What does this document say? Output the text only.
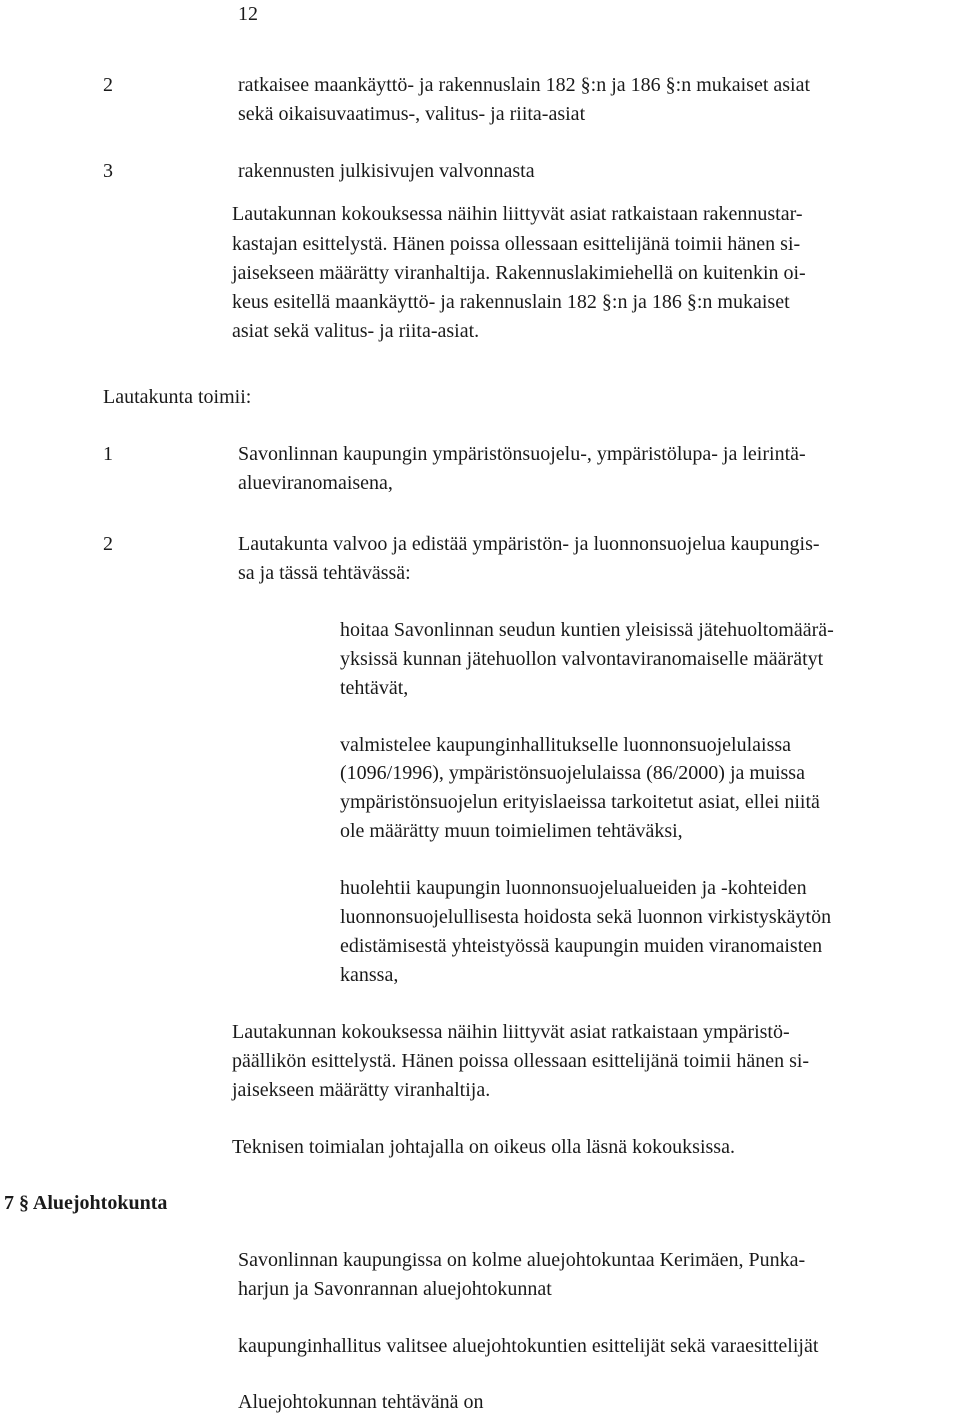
12
2	ratkaisee maankäyttö- ja rakennuslain 182 §:n ja 186 §:n mukaiset asiat
sekä oikaisuvaatimus-, valitus- ja riita-asiat
3	rakennusten julkisivujen valvonnasta
Lautakunnan kokouksessa näihin liittyvät asiat ratkaistaan rakennustar-
kastajan esittelystä. Hänen poissa ollessaan esittelijänä toimii hänen si-
jaisekseen määrätty viranhaltija. Rakennuslakimiehellä on kuitenkin oi-
keus esitellä maankäyttö- ja rakennuslain 182 §:n ja 186 §:n mukaiset
asiat sekä valitus- ja riita-asiat.
Lautakunta toimii:
1	Savonlinnan kaupungin ympäristönsuojelu-, ympäristölupa- ja leirintä-
alueviranomaisena,
2	Lautakunta valvoo ja edistää ympäristön- ja luonnonsuojelua kaupungis-
sa ja tässä tehtävässä:
hoitaa Savonlinnan seudun kuntien yleisissä jätehuoltomäärä-
yksissä kunnan jätehuollon valvontaviranomaiselle määrätyt
tehtävät,
valmistelee kaupunginhallitukselle luonnonsuojelulaissa
(1096/1996), ympäristönsuojelulaissa (86/2000) ja muissa
ympäristönsuojelun erityislaeissa tarkoitetut asiat, ellei niitä
ole määrätty muun toimielimen tehtäväksi,
huolehtii kaupungin luonnonsuojelualueiden ja -kohteiden
luonnonsuojelullisesta hoidosta sekä luonnon virkistyskäytön
edistämisestä yhteistyössä kaupungin muiden viranomaisten
kanssa,
Lautakunnan kokouksessa näihin liittyvät asiat ratkaistaan ympäristö-
päällikön esittelystä. Hänen poissa ollessaan esittelijänä toimii hänen si-
jaisekseen määrätty viranhaltija.
Teknisen toimialan johtajalla on oikeus olla läsnä kokouksissa.
7 § Aluejohtokunta
Savonlinnan kaupungissa on kolme aluejohtokuntaa Kerimäen, Punka-
harjun ja Savonrannan aluejohtokunnat
kaupunginhallitus valitsee aluejohtokuntien esittelijät sekä varaesittelijät
Aluejohtokunnan tehtävänä on
